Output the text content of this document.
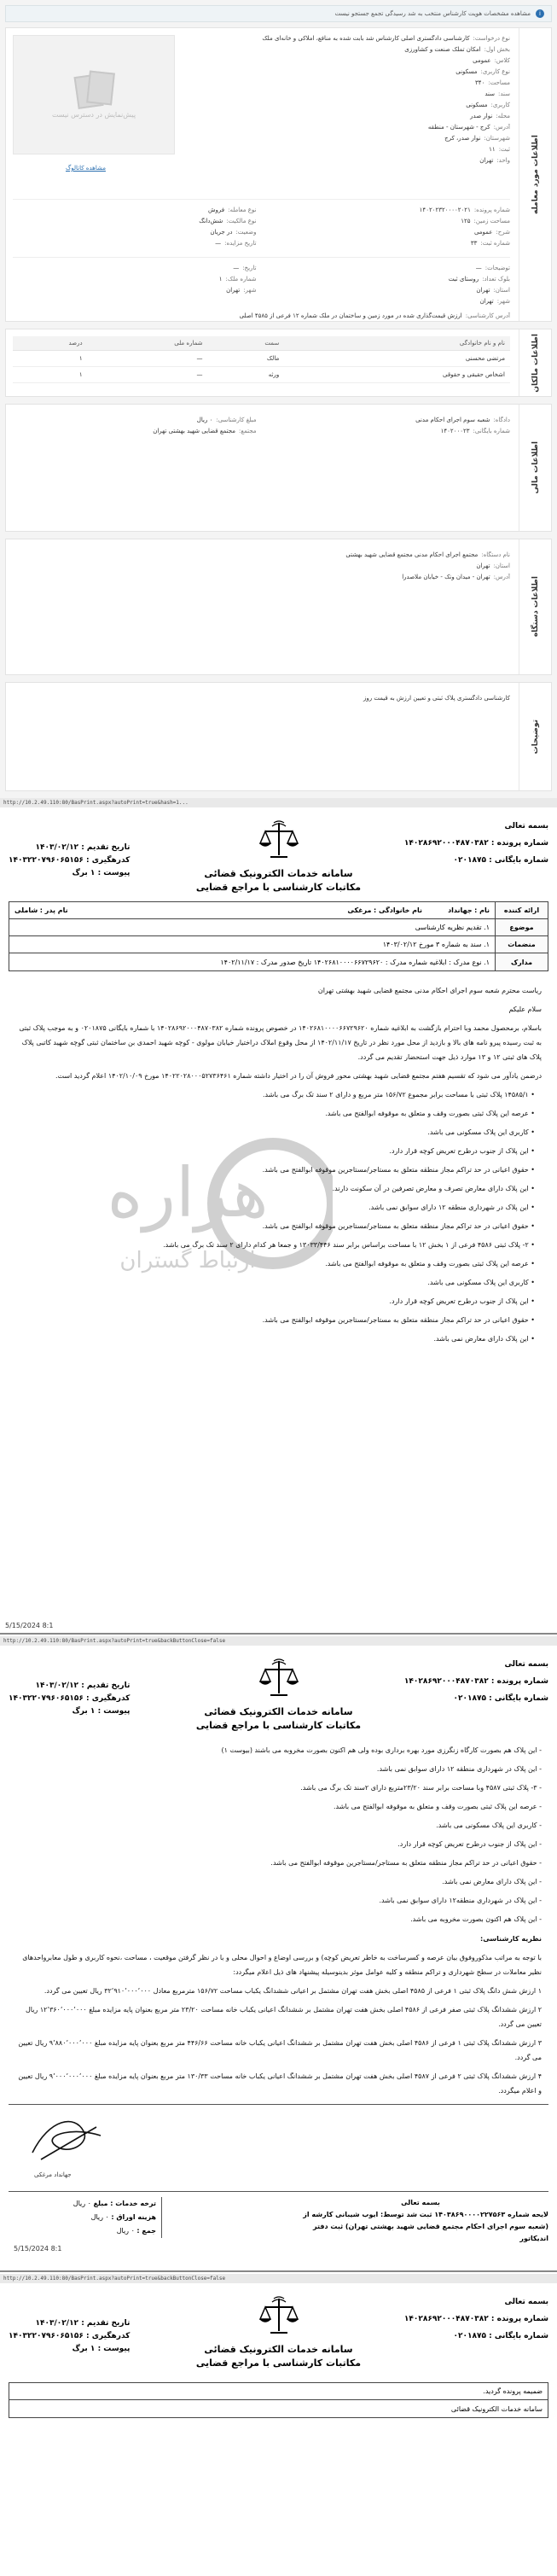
i
مشاهده مشخصات هویت کارشناس منتخب به شد رسیدگی تجمع جستجو نیست
اطلاعات مورد معامله
پیش‌نمایش در دسترس نیست
مشاهده کاتالوگ
نوع درخواست:
کارشناسی دادگستری اصلی کارشناس شد بابت شده به منافع، املاکی و خانه‌ای ملک
بخش اول:
امکان تملک صنعت و کشاورزی
کلاس:
عمومی
نوع کاربری:
مسکونی
مساحت:
۳۴۰
سند:
سند
کاربری:
مسکونی
محله:
نوار صدر
آدرس:
کرج - شهرستان - منطقه
شهرستان:
نوار صدر، کرج
ثبت:
۱۱
واحد:
تهران
شماره پرونده:
۱۴۰۲۰۲۳۲۰۰۰۰۲۰۲۱
نوع معامله:
فروش
مساحت زمین:
۱۲۵
نوع مالکیت:
شش‌دانگ
شرح:
عمومی
وضعیت:
در جریان
شماره ثبت:
۳۳
تاریخ مزایده:
—
توضیحات:
—
بلوک تعداد:
روستای ثبت
استان:
تهران
شهر:
تهران
تاریخ:
—
شماره ملک:
۱
شهر:
تهران
آدرس کارشناسی:
ارزش قیمت‌گذاری شده در مورد زمین و ساختمان در ملک شماره ۱۲ فرعی از ۴۵۸۵ اصلی
اطلاعات مالکان
نام و نام خانوادگی	سمت	شماره ملی	درصد
مرتضی محسنی	مالک	—	۱
اشخاص حقیقی و حقوقی	ورثه	—	۱
اطلاعات مالی
دادگاه:
شعبه سوم اجرای احکام مدنی
مبلغ کارشناسی:
۰ ریال
شماره بایگانی:
۱۴۰۲۰۰۰۲۳
مجتمع:
مجتمع قضایی شهید بهشتی تهران
اطلاعات دستگاه
نام دستگاه:
مجتمع اجرای احکام مدنی مجتمع قضایی شهید بهشتی
استان:
تهران
آدرس:
تهران - میدان ونک - خیابان ملاصدرا
توضیحات
کارشناسی دادگستری پلاک ثبتی و تعیین ارزش به قیمت روز
http://10.2.49.110:80/BasPrint.aspx?autoPrint=true&hash=1...
بسمه تعالی
شماره پرونده : ۱۴۰۲۸۶۹۲۰۰۰۴۸۷۰۳۸۲
شماره بایگانی : ۰۲۰۱۸۷۵
سامانه خدمات الکترونیک قضائی
مکاتبات کارشناسی با مراجع قضایی
تاریخ تقدیم : ۱۴۰۳/۰۲/۱۲
کدرهگیری : ۱۴۰۳۲۲۰۷۹۶۰۶۵۱۵۶
پیوست : ۱ برگ
ارائه کننده
نام : جهانداد
نام خانوادگی : مرغکی
نام پدر : شاملی
موضوع
۱. تقدیم نظریه کارشناسی
منضمات
۱. سند به شماره ۳ مورخ ۱۴۰۳/۰۲/۱۲
مدارک
۱. نوع مدرک : ابلاغیه شماره مدرک : ۱۴۰۲۶۸۱۰۰۰۰۶۶۷۲۹۶۲۰ تاریخ صدور مدرک : ۱۴۰۲/۱۱/۱۷
هزاره
ارتباط گستران

ریاست محترم شعبه سوم اجرای احکام مدنی مجتمع قضایی شهید بهشتی تهران

سلام علیکم

باسلام، برمحصول محمد وبا احترام بازگشت به ابلاغیه شماره ۱۴۰۲۶۸۱۰۰۰۰۶۶۷۲۹۶۲۰ در خصوص پرونده شماره ۱۴۰۲۸۶۹۲۰۰۰۴۸۷۰۳۸۲ با شماره بایگانی ۰۲۰۱۸۷۵ و به موجب پلاک ثبتی به ثبت رسیده پیرو نامه های بالا و بازدید از محل مورد نظر در تاریخ ۱۴۰۲/۱۱/۱۷ از محل وقوع املاک دراختیار خیابان مولوی - کوچه شهید احمدی بن ساختمان ثبتی گوچه شهید کاتبی پلاک پلاک های ثبتی ۱۲ و ۱۳ موارد ذیل جهت استحضار تقدیم می گردد.

درضمن یادآور می شود که تقسیم هفتم مجتمع قضایی شهید بهشتی محور فروش آن را در اختیار داشته شماره ۱۴۰۲۲۰۲۸۰۰۰۵۲۷۳۶۴۶۱ مورخ ۱۴۰۲/۱۰/۰۹ اعلام گردید است.

• ۱۴۵۸۵/۱ پلاک ثبتی با مساحت برابر مجموع ۱۵۶/۷۲ متر مربع و دارای ۲ سند تک برگ می باشد.

• عرصه این پلاک ثبتی بصورت وقف و متعلق به موقوفه ابوالفتح می باشد.

• کاربری این پلاک مسکونی می باشد.

• این پلاک از جنوب درطرح تعریض کوچه قرار دارد.

• حقوق اعیانی در حد تراکم مجاز منطقه متعلق به مستاجر/مستاجرین موقوفه ابوالفتح می باشد.

• این پلاک دارای معارض تصرف و معارض تصرفین در آن سکونت دارند.

• این پلاک در شهرداری منطقه ۱۲ دارای سوابق نمی باشد.

• حقوق اعیانی در حد تراکم مجاز منطقه متعلق به مستاجر/مستاجرین موقوفه ابوالفتح می باشد.

• ۲- پلاک ثبتی ۴۵۸۶ فرعی از ۱ بخش ۱۲ با مساحت براساس برابر سند ۱۳۰۳۳/۴۴۶ و جمعا هر کدام دارای ۲ سند تک برگ می باشد.

• عرصه این پلاک ثبتی بصورت وقف و متعلق به موقوفه ابوالفتح می باشد.

• کاربری این پلاک مسکونی می باشد.

• این پلاک از جنوب درطرح تعریض کوچه قرار دارد.

• حقوق اعیانی در حد تراکم مجاز منطقه متعلق به مستاجر/مستاجرین موقوفه ابوالفتح می باشد.

• این پلاک دارای معارض نمی باشد.

5/15/2024 8:1
http://10.2.49.110:80/BasPrint.aspx?autoPrint=true&backButtonClose=false
بسمه تعالی
شماره پرونده : ۱۴۰۲۸۶۹۲۰۰۰۴۸۷۰۳۸۲
شماره بایگانی : ۰۲۰۱۸۷۵
سامانه خدمات الکترونیک قضائی
مکاتبات کارشناسی با مراجع قضایی
تاریخ تقدیم : ۱۴۰۳/۰۲/۱۲
کدرهگیری : ۱۴۰۳۲۲۰۷۹۶۰۶۵۱۵۶
پیوست : ۱ برگ

- این پلاک هم بصورت کارگاه زنگرزی مورد بهره برداری بوده ولی هم اکنون بصورت مخروبه می باشند (بیوست ۱)

- این پلاک در شهرداری منطقه ۱۲ دارای سوابق نمی باشد.

- ۳- پلاک ثبتی ۴۵۸۷ وبا مساحت برابر سند ۲۳/۲۰متربع دارای ۲سند تک برگ می باشد.

- عرصه این پلاک ثبتی بصورت وقف و متعلق به موقوفه ابوالفتح می باشد.

- کاربری این پلاک مسکونی می باشد.

- این پلاک از جنوب درطرح تعریض کوچه قرار دارد.

- حقوق اعیانی در حد تراکم مجاز منطقه متعلق به مستاجر/مستاجرین موقوفه ابوالفتح می باشد.

- این پلاک دارای معارض نمی باشد.

- این پلاک در شهرداری منطقه۱۲ دارای سوابق نمی باشد.

- این پلاک هم اکنون بصورت مخروبه می باشد.

نظریه کارشناسی:

با توجه به مراتب مذکوروفوق بیان عرصه و کسرساخت به خاطر تعریض کوچه) و بررسی اوضاع و احوال محلی و با در نظر گرفتن موقعیت ، مساحت ،نحوه کاربری و طول معابرواحدهای نظیر معاملات در سطح شهرداری و تراکم منطقه و کلیه عوامل موثر بدینوسیله پیشنهاد های ذیل اعلام میگردد:

۱ ارزش شش دانگ پلاک ثبتی ۱ فرعی از ۴۵۸۵ اصلی بخش هفت تهران مشتمل بر اعیانی ششدانگ یکباب مساحت ۱۵۶/۷۲ مترمربع معادل ۳۲٬۹۱۰٬۰۰۰٬۰۰۰ ریال تعیین می گردد.

۲ ارزش ششدانگ پلاک ثبتی صفر فرعی از ۴۵۸۶ اصلی بخش هفت تهران مشتمل بر ششدانگ اعیانی یکباب خانه مساحت ۲۳/۲۰ متر مربع بعنوان پایه مزایده مبلغ ۱۲٬۳۶۰٬۰۰۰٬۰۰۰ ریال تعیین می گردد.

۳ ارزش ششدانگ پلاک ثبتی ۱ فرعی از ۴۵۸۶ اصلی بخش هفت تهران مشتمل بر ششدانگ اعیانی یکباب خانه مساحت ۴۴۶/۶۶ متر مربع بعنوان پایه مزایده مبلغ ۹٬۸۸۰٬۰۰۰٬۰۰۰ ریال تعیین می گردد.

۴ ارزش ششدانگ پلاک ثبتی ۲ فرعی از ۴۵۸۷ اصلی بخش هفت تهران مشتمل بر ششدانگ اعیانی یکباب خانه مساحت ۱۳۰/۳۳ متر مربع بعنوان پایه مزایده مبلغ ۹٬۰۰۰٬۰۰۰٬۰۰۰ ریال تعیین و اعلام میگردد.

جهانداد مرغکی
بسمه تعالی
لایحه شماره ۱۴۰۳۸۶۹۰۰۰۰۲۲۷۵۶۳ ثبت شد توسط: ایوب شیبانی کارشه از
(شعبه سوم اجرای احکام مجتمع قضایی شهید بهشتی تهران) ثبت دفتر اندیکاتور
ترخه خدمات : مبلغ ۰ ریال
هزینه اوراق : ۰ ریال
جمع : ۰ ریال
5/15/2024 8:1
http://10.2.49.110:80/BasPrint.aspx?autoPrint=true&backButtonClose=false
بسمه تعالی
شماره پرونده : ۱۴۰۲۸۶۹۲۰۰۰۴۸۷۰۳۸۲
شماره بایگانی : ۰۲۰۱۸۷۵
سامانه خدمات الکترونیک قضائی
مکاتبات کارشناسی با مراجع قضایی
تاریخ تقدیم : ۱۴۰۳/۰۲/۱۲
کدرهگیری : ۱۴۰۳۲۲۰۷۹۶۰۶۵۱۵۶
پیوست : ۱ برگ
ضمیمه پرونده گردید.
سامانه خدمات الکترونیک قضائی
